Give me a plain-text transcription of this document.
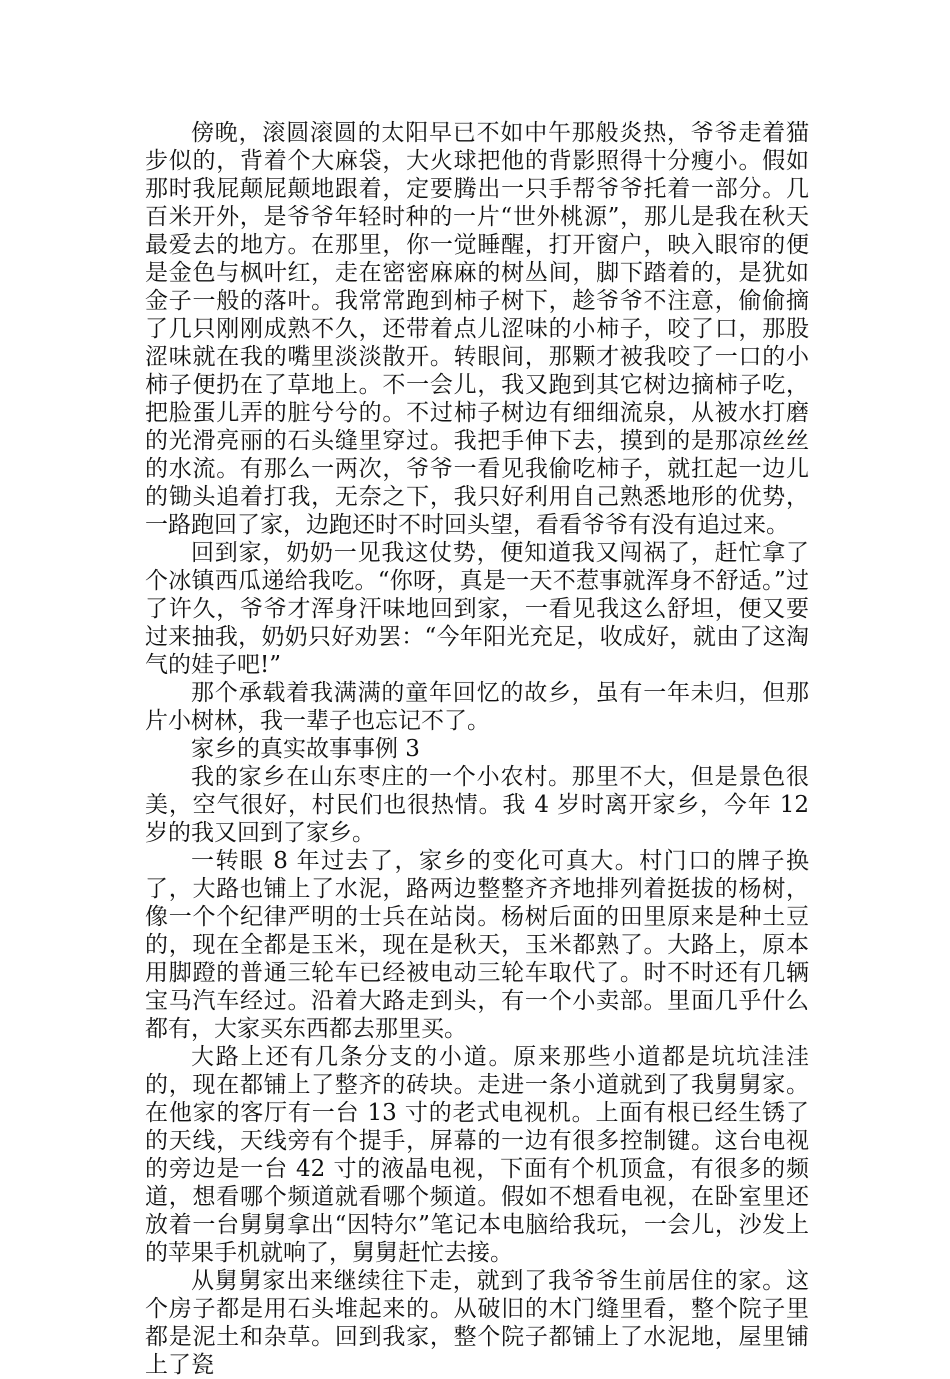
傍晚，滚圆滚圆的太阳早已不如中午那般炎热，爷爷走着猫步似的，背着个大麻袋，大火球把他的背影照得十分瘦小。假如那时我屁颠屁颠地跟着，定要腾出一只手帮爷爷托着一部分。几百米开外，是爷爷年轻时种的一片“世外桃源”，那儿是我在秋天最爱去的地方。在那里，你一觉睡醒，打开窗户，映入眼帘的便是金色与枫叶红，走在密密麻麻的树丛间，脚下踏着的，是犹如金子一般的落叶。我常常跑到柿子树下，趁爷爷不注意，偷偷摘了几只刚刚成熟不久，还带着点儿涩味的小柿子，咬了口，那股涩味就在我的嘴里淡淡散开。转眼间，那颗才被我咬了一口的小柿子便扔在了草地上。不一会儿，我又跑到其它树边摘柿子吃，把脸蛋儿弄的脏兮兮的。不过柿子树边有细细流泉，从被水打磨的光滑亮丽的石头缝里穿过。我把手伸下去，摸到的是那凉丝丝的水流。有那么一两次，爷爷一看见我偷吃柿子，就扛起一边儿的锄头追着打我，无奈之下，我只好利用自己熟悉地形的优势，一路跑回了家，边跑还时不时回头望，看看爷爷有没有追过来。

回到家，奶奶一见我这仗势，便知道我又闯祸了，赶忙拿了个冰镇西瓜递给我吃。“你呀，真是一天不惹事就浑身不舒适。”过了许久，爷爷才浑身汗味地回到家，一看见我这么舒坦，便又要过来抽我，奶奶只好劝罢：“今年阳光充足，收成好，就由了这淘气的娃子吧!”

那个承载着我满满的童年回忆的故乡，虽有一年未归，但那片小树林，我一辈子也忘记不了。

家乡的真实故事事例 3

我的家乡在山东枣庄的一个小农村。那里不大，但是景色很美，空气很好，村民们也很热情。我 4 岁时离开家乡，今年 12 岁的我又回到了家乡。

一转眼 8 年过去了，家乡的变化可真大。村门口的牌子换了，大路也铺上了水泥，路两边整整齐齐地排列着挺拔的杨树，像一个个纪律严明的士兵在站岗。杨树后面的田里原来是种土豆的，现在全都是玉米，现在是秋天，玉米都熟了。大路上，原本用脚蹬的普通三轮车已经被电动三轮车取代了。时不时还有几辆宝马汽车经过。沿着大路走到头，有一个小卖部。里面几乎什么都有，大家买东西都去那里买。

大路上还有几条分支的小道。原来那些小道都是坑坑洼洼的，现在都铺上了整齐的砖块。走进一条小道就到了我舅舅家。在他家的客厅有一台 13 寸的老式电视机。上面有根已经生锈了的天线，天线旁有个提手，屏幕的一边有很多控制键。这台电视的旁边是一台 42 寸的液晶电视，下面有个机顶盒，有很多的频道，想看哪个频道就看哪个频道。假如不想看电视，在卧室里还放着一台舅舅拿出“因特尔”笔记本电脑给我玩，一会儿，沙发上的苹果手机就响了，舅舅赶忙去接。

从舅舅家出来继续往下走，就到了我爷爷生前居住的家。这个房子都是用石头堆起来的。从破旧的木门缝里看，整个院子里都是泥土和杂草。回到我家，整个院子都铺上了水泥地，屋里铺上了瓷
